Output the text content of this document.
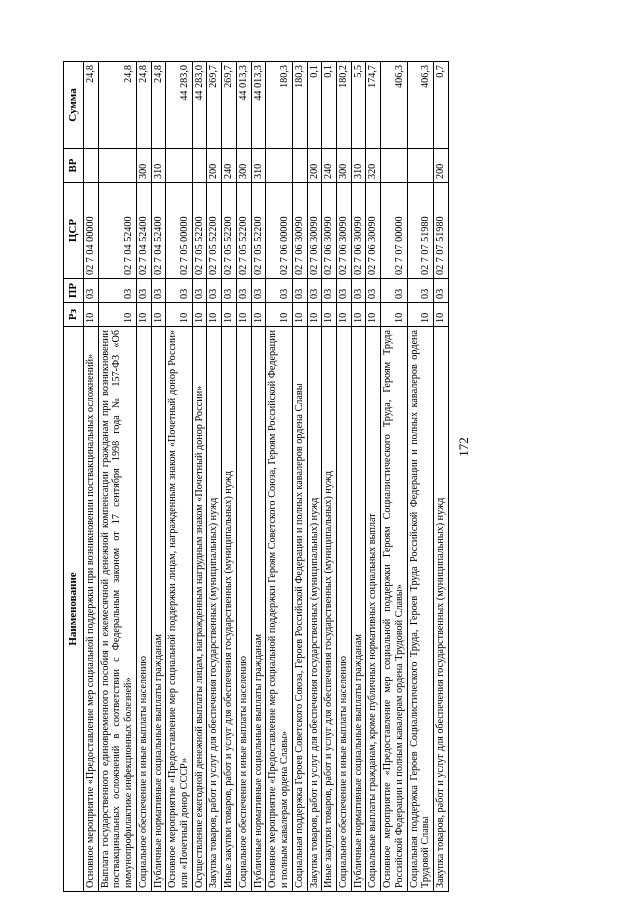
172
Наименование	Рз	ПР	ЦСР	ВР	Сумма
Основное мероприятие «Предоставление мер социальной поддержки при возникновении поствакцинальных осложнений»	10	03	02 7 04 00000		24,8
Выплата государственного единовременного пособия и ежемесячной денежной компенсации гражданам при возникновении поствакцинальных осложнений в соответствии с Федеральным законом от 17 сентября 1998 года № 157-ФЗ «Об иммунопрофилактике инфекционных болезней»	10	03	02 7 04 52400		24,8
Социальное обеспечение и иные выплаты населению	10	03	02 7 04 52400	300	24,8
Публичные нормативные социальные выплаты гражданам	10	03	02 7 04 52400	310	24,8
Основное мероприятие «Предоставление мер социальной поддержки лицам, награжденным знаком «Почетный донор России» или «Почетный донор СССР»	10	03	02 7 05 00000		44 283,0
Осуществление ежегодной денежной выплаты лицам, награжденным нагрудным знаком «Почетный донор России»	10	03	02 7 05 52200		44 283,0
Закупка товаров, работ и услуг для обеспечения государственных (муниципальных) нужд	10	03	02 7 05 52200	200	269,7
Иные закупки товаров, работ и услуг для обеспечения государственных (муниципальных) нужд	10	03	02 7 05 52200	240	269,7
Социальное обеспечение и иные выплаты населению	10	03	02 7 05 52200	300	44 013,3
Публичные нормативные социальные выплаты гражданам	10	03	02 7 05 52200	310	44 013,3
Основное мероприятие «Предоставление мер социальной поддержки Героям Советского Союза, Героям Российской Федерации и полным кавалерам ордена Славы»	10	03	02 7 06 00000		180,3
Социальная поддержка Героев Советского Союза, Героев Российской Федерации и полных кавалеров ордена Славы	10	03	02 7 06 30090		180,3
Закупка товаров, работ и услуг для обеспечения государственных (муниципальных) нужд	10	03	02 7 06 30090	200	0,1
Иные закупки товаров, работ и услуг для обеспечения государственных (муниципальных) нужд	10	03	02 7 06 30090	240	0,1
Социальное обеспечение и иные выплаты населению	10	03	02 7 06 30090	300	180,2
Публичные нормативные социальные выплаты гражданам	10	03	02 7 06 30090	310	5,5
Социальные выплаты гражданам, кроме публичных нормативных социальных выплат	10	03	02 7 06 30090	320	174,7
Основное мероприятие «Предоставление мер социальной поддержки Героям Социалистического Труда, Героям Труда Российской Федерации и полным кавалерам ордена Трудовой Славы»	10	03	02 7 07 00000		406,3
Социальная поддержка Героев Социалистического Труда, Героев Труда Российской Федерации и полных кавалеров ордена Трудовой Славы	10	03	02 7 07 51980		406,3
Закупка товаров, работ и услуг для обеспечения государственных (муниципальных) нужд	10	03	02 7 07 51980	200	0,7
